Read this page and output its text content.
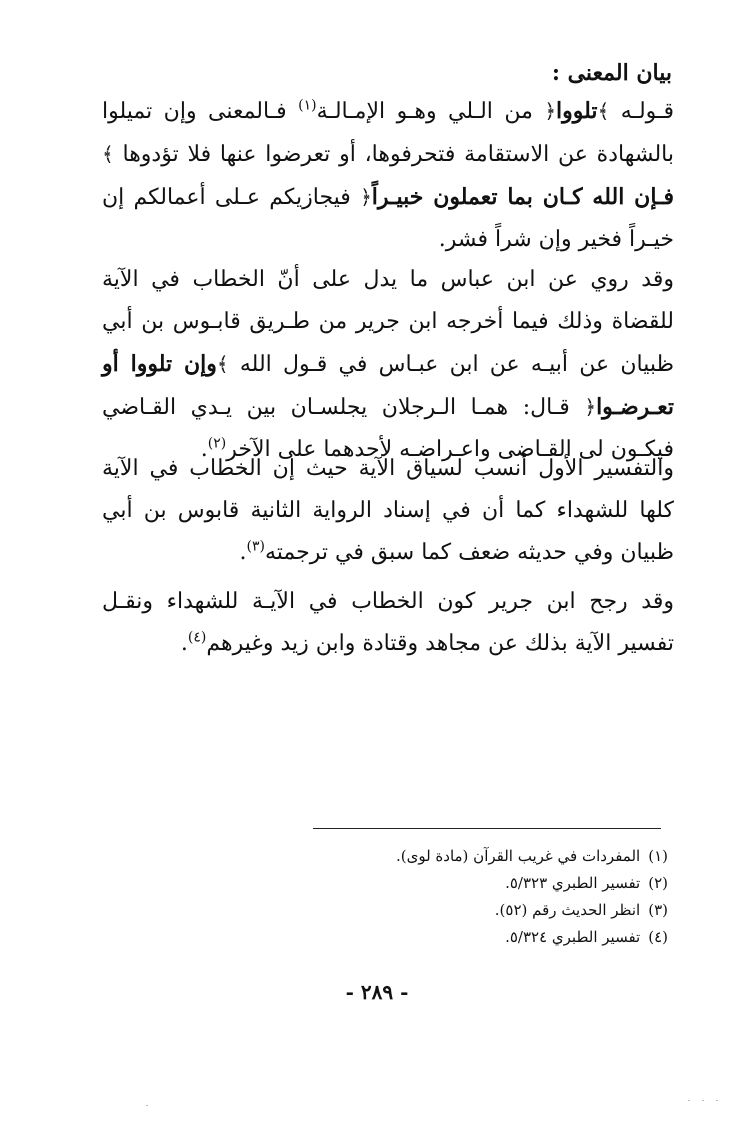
بيان المعنى :

قـولـه ﴾تلووا﴿ من الـلي وهـو الإمـالـة$^{(١)}$ فـالمعنى وإن تميلوا بالشهادة عن الاستقامة فتحرفوها، أو تعرضوا عنها فلا تؤدوها ﴾فـإن الله كـان بما تعملون خبيـراً﴿ فيجازيكم عـلى أعمالكم إن خيـراً فخير وإن شراً فشر.

وقد روي عن ابن عباس ما يدل على أنّ الخطاب في الآية للقضاة وذلك فيما أخرجه ابن جرير من طـريق قابـوس بن أبي ظبيان عن أبيـه عن ابن عبـاس في قـول الله ﴾وإن تلووا أو تعـرضـوا﴿ قـال: همـا الـرجلان يجلسـان بين يـدي القـاضي فيكـون لى القـاضى واعـراضـه لأحدهما على الآخر$^{(٢)}$.

والتفسير الأول أنسب لسياق الآية حيث إن الخطاب في الآية كلها للشهداء كما أن في إسناد الرواية الثانية قابوس بن أبي ظبيان وفي حديثه ضعف كما سبق في ترجمته$^{(٣)}$.

وقد رجح ابن جرير كون الخطاب في الآيـة للشهداء ونقـل تفسير الآية بذلك عن مجاهد وقتادة وابن زيد وغيرهم$^{(٤)}$.

(١)المفردات في غريب القرآن (مادة لوى).

(٢)تفسير الطبري ٥/٣٢٣.

(٣)انظر الحديث رقم (٥٢).

(٤)تفسير الطبري ٥/٣٢٤.

- ٢٨٩ -
